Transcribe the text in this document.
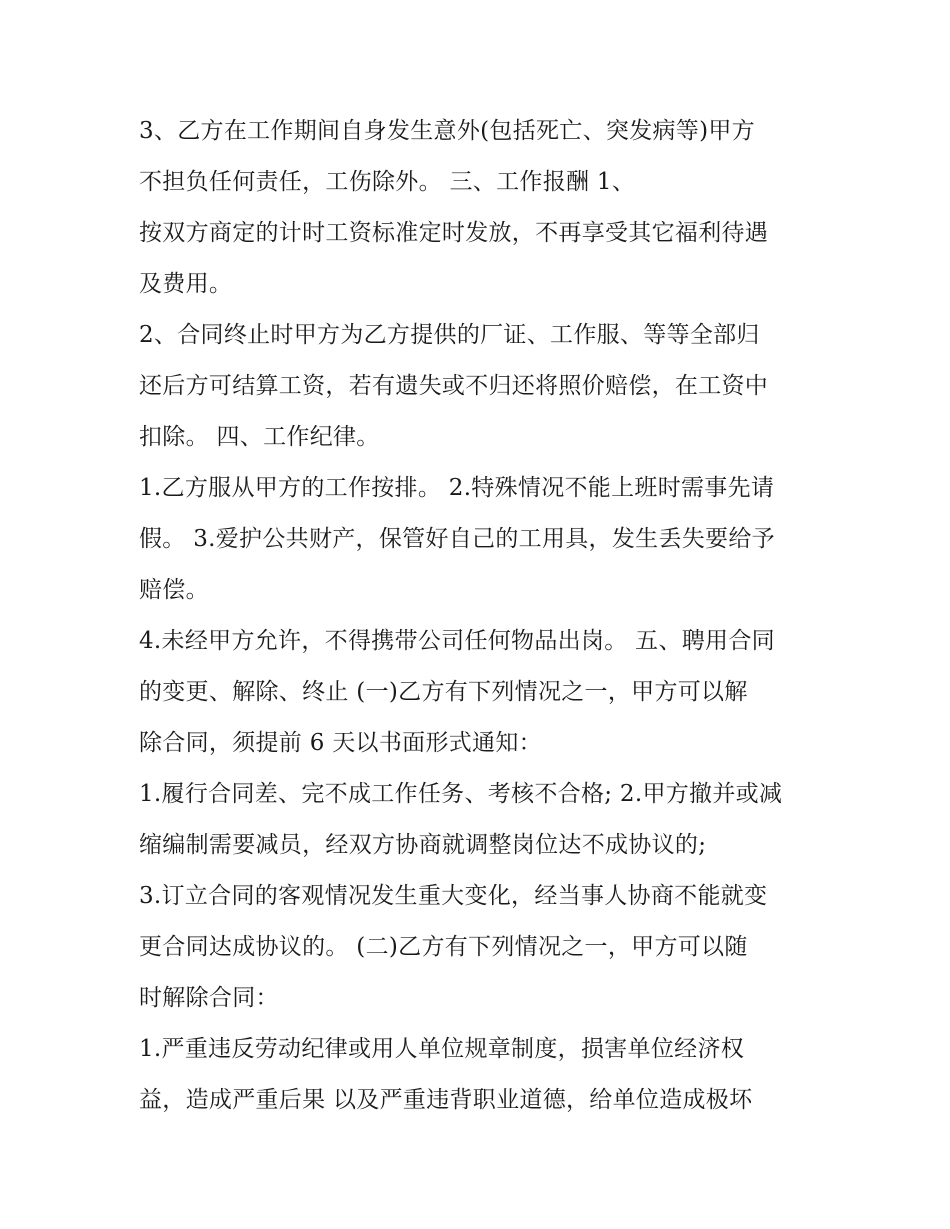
3、乙方在工作期间自身发生意外(包括死亡、突发病等)甲方
不担负任何责任，工伤除外。 三、工作报酬 1、
按双方商定的计时工资标准定时发放，不再享受其它福利待遇
及费用。
2、合同终止时甲方为乙方提供的厂证、工作服、等等全部归
还后方可结算工资，若有遗失或不归还将照价赔偿，在工资中
扣除。 四、工作纪律。
1.乙方服从甲方的工作按排。 2.特殊情况不能上班时需事先请
假。 3.爱护公共财产，保管好自己的工用具，发生丢失要给予
赔偿。
4.未经甲方允许，不得携带公司任何物品出岗。 五、聘用合同
的变更、解除、终止 (一)乙方有下列情况之一，甲方可以解
除合同，须提前 6 天以书面形式通知：
1.履行合同差、完不成工作任务、考核不合格; 2.甲方撤并或减
缩编制需要减员，经双方协商就调整岗位达不成协议的;
3.订立合同的客观情况发生重大变化，经当事人协商不能就变
更合同达成协议的。 (二)乙方有下列情况之一，甲方可以随
时解除合同：
1.严重违反劳动纪律或用人单位规章制度，损害单位经济权
益，造成严重后果 以及严重违背职业道德，给单位造成极坏
